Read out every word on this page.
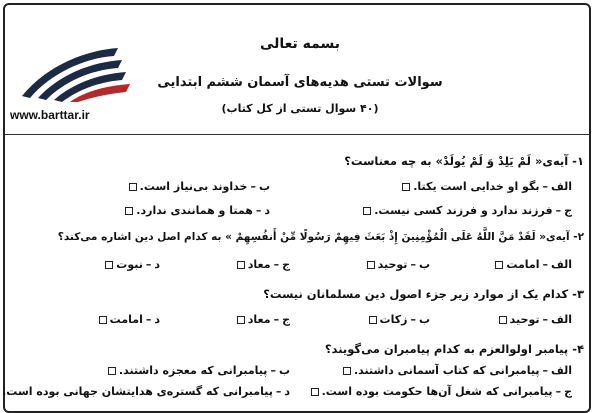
www.barttar.ir
بسمه تعالی
سوالات تستی هدیه‌های آسمان ششم ابتدایی
(۴۰ سوال تستی از کل کتاب)
۱- آیه‌ی« لَمْ یَلِدْ وَ لَمْ یُولَدْ» به چه معناست؟
الف
–
بگو او خدایی است یکتا.
ب
–
خداوند بی‌نیاز است.
ج
–
فرزند ندارد و فرزند کسی نیست.
د
–
همتا و همانندی ندارد.
۲- آیه‌ی« لَقَدْ مَنَّ اللَّهُ عَلَى الْمُؤْمِنِینَ إِذْ بَعَثَ فِیهِمْ رَسُولًا مِّنْ أَنفُسِهِمْ » به کدام اصل دین اشاره می‌کند؟
الف
–
امامت
ب
–
توحید
ج
–
معاد
د
–
نبوت
۳- کدام یک از موارد زیر جزء اصول دین مسلمانان نیست؟
الف
–
توحید
ب
–
زکات
ج
–
معاد
د
–
امامت
۴- پیامبر اولوالعزم به کدام پیامبران می‌گویند؟
الف
–
پیامبرانی که کتاب آسمانی داشتند.
ب
–
پیامبرانی که معجزه داشتند.
ج
–
پیامبرانی که شغل آن‌ها حکومت بوده است.
د
–
پیامبرانی که گستره‌ی هدایتشان جهانی بوده است.
